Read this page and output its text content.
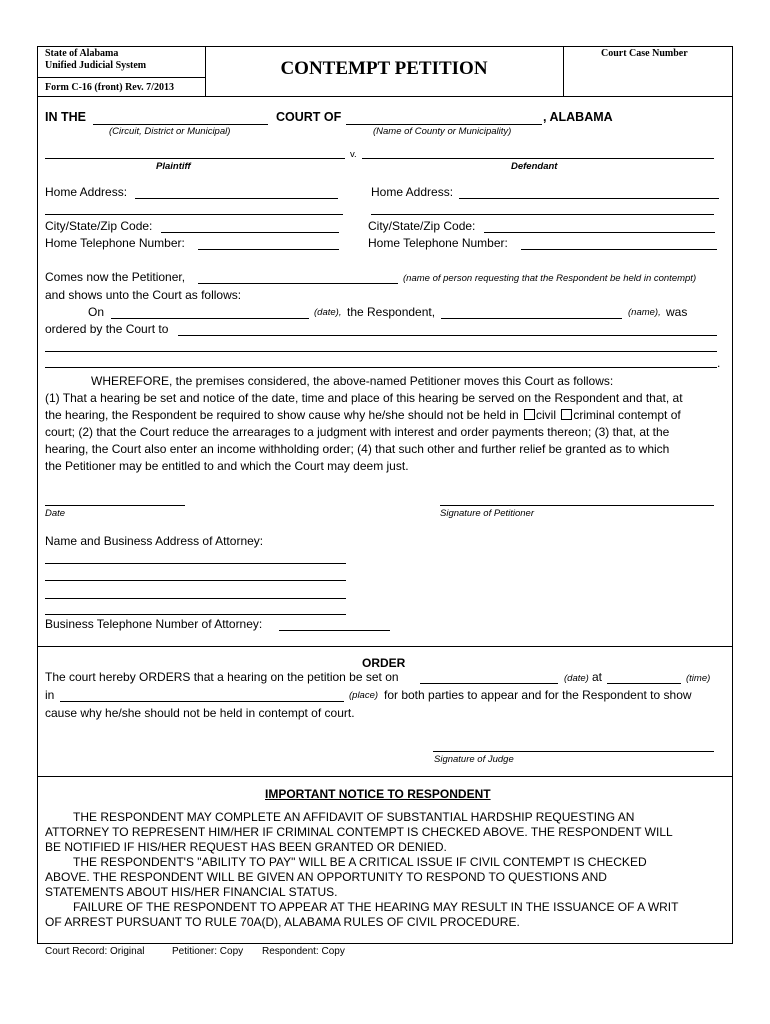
State of Alabama
Unified Judicial System
Form C-16 (front) Rev. 7/2013
CONTEMPT PETITION
Court Case Number
IN THE	COURT OF	, ALABAMA
(Circuit, District or Municipal)	(Name of County or Municipality)
v.
Plaintiff	Defendant
Home Address:
City/State/Zip Code:
Home Telephone Number:
Home Address:
City/State/Zip Code:
Home Telephone Number:
Comes now the Petitioner,	(name of person requesting that the Respondent be held in contempt)
and shows unto the Court as follows:
On	(date), the Respondent,	(name), was
ordered by the Court to
.
WHEREFORE, the premises considered, the above-named Petitioner moves this Court as follows:
(1) That a hearing be set and notice of the date, time and place of this hearing be served on the Respondent and that, at
the hearing, the Respondent be required to show cause why he/she should not be held in civil criminal contempt of
court; (2) that the Court reduce the arrearages to a judgment with interest and order payments thereon; (3) that, at the
hearing, the Court also enter an income withholding order; (4) that such other and further relief be granted as to which
the Petitioner may be entitled to and which the Court may deem just.
Date	Signature of Petitioner
Name and Business Address of Attorney:
Business Telephone Number of Attorney:
ORDER
The court hereby ORDERS that a hearing on the petition be set on	(date) at	(time)
in	(place) for both parties to appear and for the Respondent to show
cause why he/she should not be held in contempt of court.
Signature of Judge
IMPORTANT NOTICE TO RESPONDENT
THE RESPONDENT MAY COMPLETE AN AFFIDAVIT OF SUBSTANTIAL HARDSHIP REQUESTING AN
ATTORNEY TO REPRESENT HIM/HER IF CRIMINAL CONTEMPT IS CHECKED ABOVE. THE RESPONDENT WILL
BE NOTIFIED IF HIS/HER REQUEST HAS BEEN GRANTED OR DENIED.
THE RESPONDENT'S "ABILITY TO PAY" WILL BE A CRITICAL ISSUE IF CIVIL CONTEMPT IS CHECKED
ABOVE. THE RESPONDENT WILL BE GIVEN AN OPPORTUNITY TO RESPOND TO QUESTIONS AND
STATEMENTS ABOUT HIS/HER FINANCIAL STATUS.
FAILURE OF THE RESPONDENT TO APPEAR AT THE HEARING MAY RESULT IN THE ISSUANCE OF A WRIT
OF ARREST PURSUANT TO RULE 70A(D), ALABAMA RULES OF CIVIL PROCEDURE.
Court Record: Original	Petitioner: Copy Respondent: Copy
